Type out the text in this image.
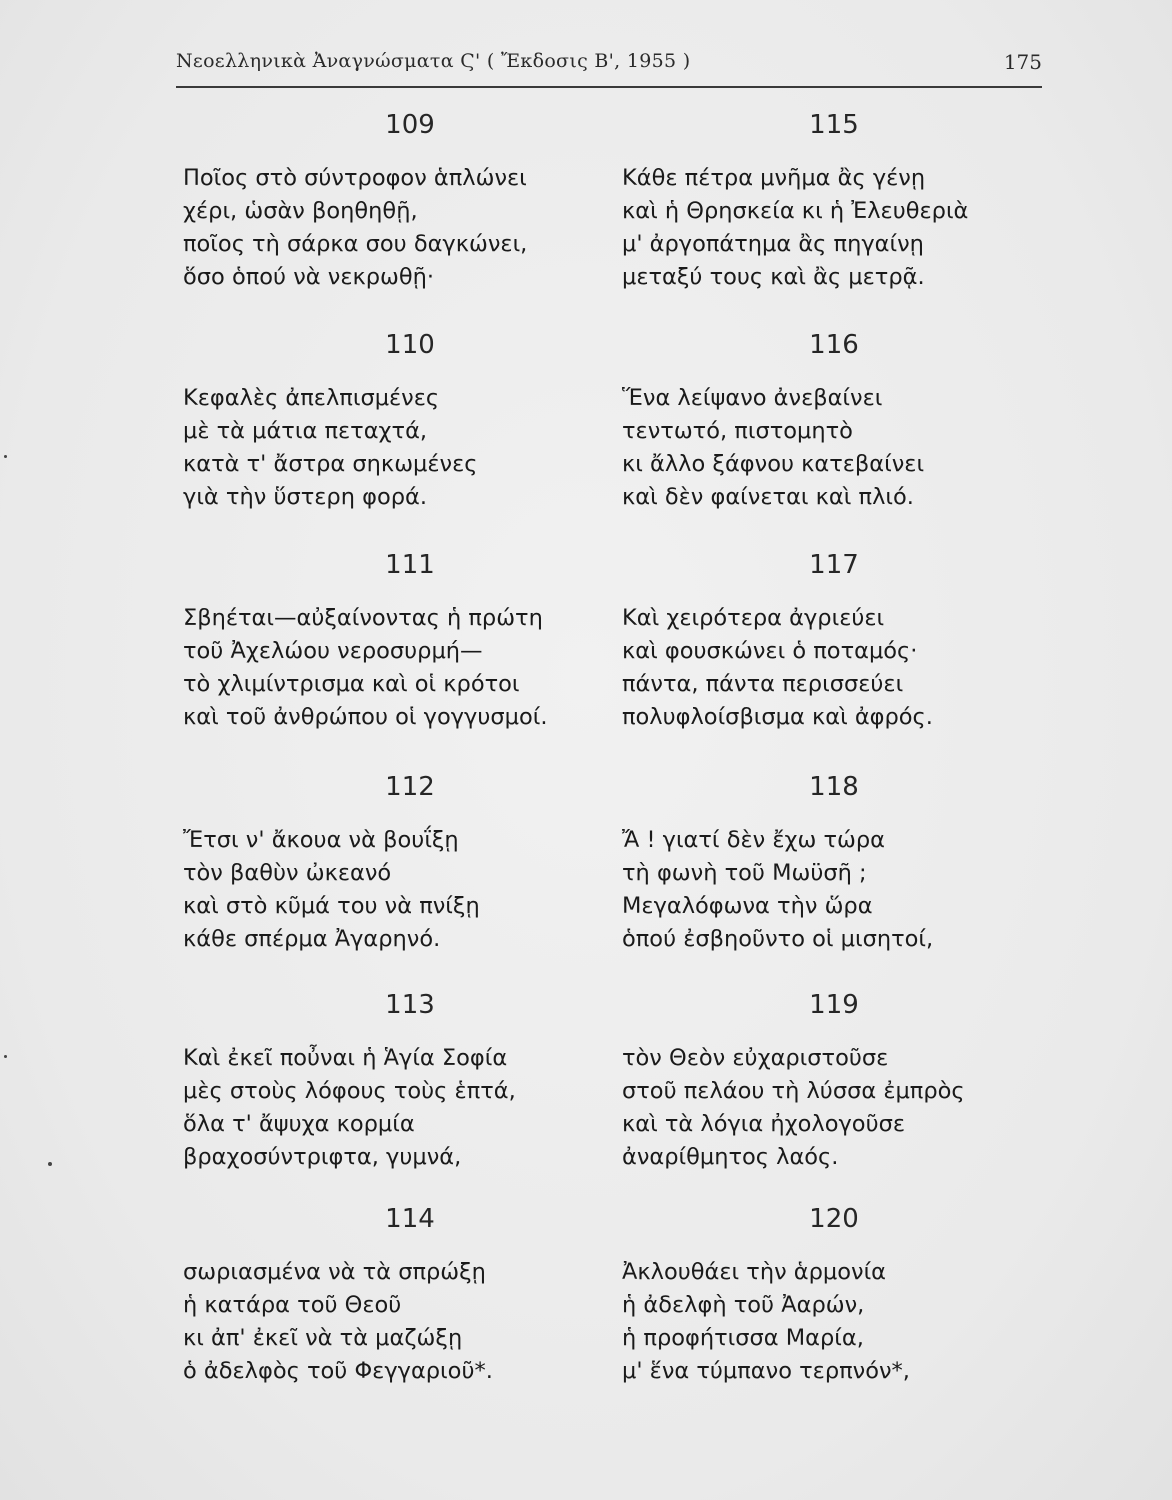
Νεοελληνικὰ Ἀναγνώσματα Ϛ' ( Ἔκδοσις Β', 1955 )	175
109
Ποῖος στὸ σύντροφον ἁπλώνει
χέρι, ὡσὰν βοηθηθῇ,
ποῖος τὴ σάρκα σου δαγκώνει,
ὅσο ὁπού νὰ νεκρωθῇ·
110
Κεφαλὲς ἀπελπισμένες
μὲ τὰ μάτια πεταχτά,
κατὰ τ' ἄστρα σηκωμένες
γιὰ τὴν ὕστερη φορά.
111
Σβηέται—αὐξαίνοντας ἡ πρώτη
τοῦ Ἀχελώου νεροσυρμή—
τὸ χλιμίντρισμα καὶ οἱ κρότοι
καὶ τοῦ ἀνθρώπου οἱ γογγυσμοί.
112
Ἔτσι ν' ἄκουα νὰ βουΐξῃ
τὸν βαθὺν ὠκεανό
καὶ στὸ κῦμά του νὰ πνίξῃ
κάθε σπέρμα Ἀγαρηνό.
113
Καὶ ἐκεῖ ποὖναι ἡ Ἁγία Σοφία
μὲς στοὺς λόφους τοὺς ἑπτά,
ὅλα τ' ἄψυχα κορμία
βραχοσύντριφτα, γυμνά,
114
σωριασμένα νὰ τὰ σπρώξῃ
ἡ κατάρα τοῦ Θεοῦ
κι ἀπ' ἐκεῖ νὰ τὰ μαζώξῃ
ὁ ἀδελφὸς τοῦ Φεγγαριοῦ*.
115
Κάθε πέτρα μνῆμα ἂς γένῃ
καὶ ἡ Θρησκεία κι ἡ Ἐλευθεριὰ
μ' ἀργοπάτημα ἂς πηγαίνῃ
μεταξύ τους καὶ ἂς μετρᾷ.
116
Ἕνα λείψανο ἀνεβαίνει
τεντωτό, πιστομητὸ
κι ἄλλο ξάφνου κατεβαίνει
καὶ δὲν φαίνεται καὶ πλιό.
117
Καὶ χειρότερα ἀγριεύει
καὶ φουσκώνει ὁ ποταμός·
πάντα, πάντα περισσεύει
πολυφλοίσβισμα καὶ ἀφρός.
118
Ἄ ! γιατί δὲν ἔχω τώρα
τὴ φωνὴ τοῦ Μωϋσῆ ;
Μεγαλόφωνα τὴν ὥρα
ὁπού ἐσβηοῦντο οἱ μισητοί,
119
τὸν Θεὸν εὐχαριστοῦσε
στοῦ πελάου τὴ λύσσα ἐμπρὸς
καὶ τὰ λόγια ἠχολογοῦσε
ἀναρίθμητος λαός.
120
Ἀκλουθάει τὴν ἁρμονία
ἡ ἀδελφὴ τοῦ Ἀαρών,
ἡ προφήτισσα Μαρία,
μ' ἕνα τύμπανο τερπνόν*,
